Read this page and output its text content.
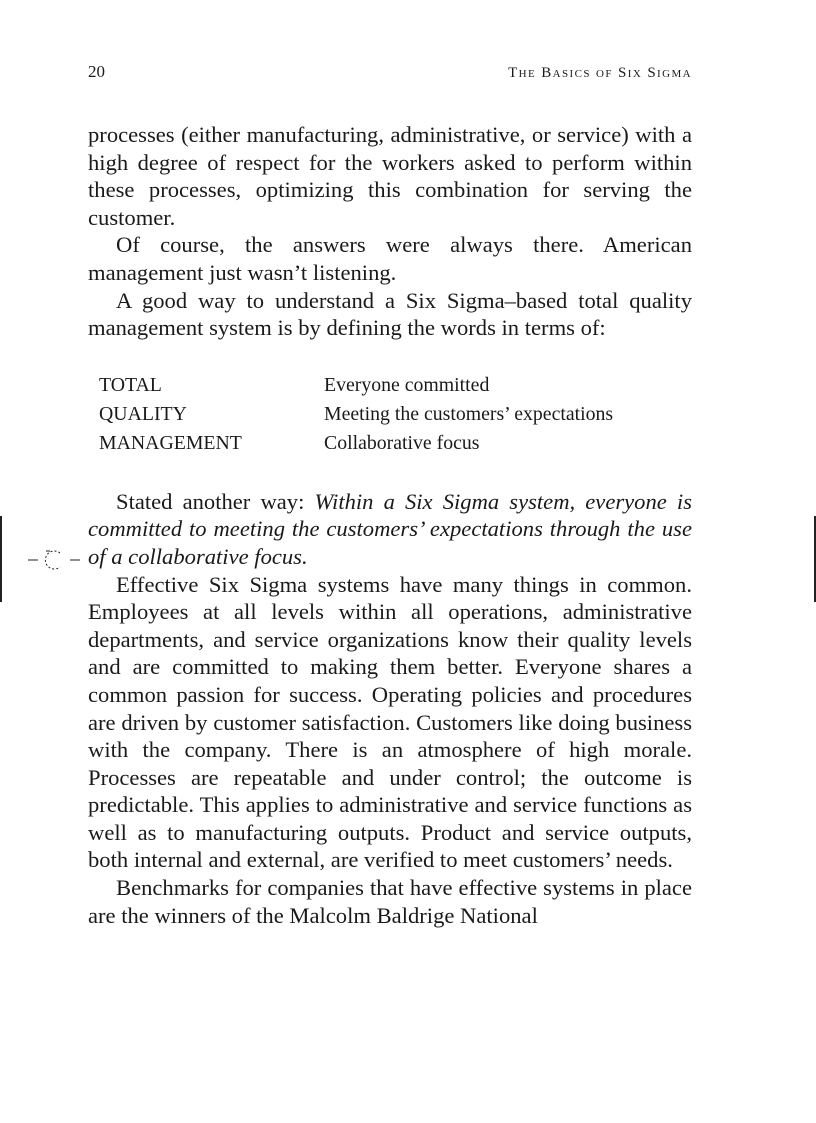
20	The Basics of Six Sigma

processes (either manufacturing, administrative, or service) with a high degree of respect for the workers asked to perform within these processes, optimizing this combination for serving the customer.

Of course, the answers were always there. American management just wasn’t listening.

A good way to understand a Six Sigma–based total quality management system is by defining the words in terms of:

TOTAL	Everyone committed
QUALITY	Meeting the customers’ expectations
MANAGEMENT	Collaborative focus

Stated another way: Within a Six Sigma system, everyone is committed to meeting the customers’ expectations through the use of a collaborative focus.

Effective Six Sigma systems have many things in common. Employees at all levels within all operations, administrative departments, and service organizations know their quality levels and are committed to making them better. Everyone shares a common passion for success. Operating policies and procedures are driven by customer satisfaction. Customers like doing business with the company. There is an atmosphere of high morale. Processes are repeatable and under control; the outcome is predictable. This applies to administrative and service functions as well as to manufacturing outputs. Product and service outputs, both internal and external, are verified to meet customers’ needs.

Benchmarks for companies that have effective systems in place are the winners of the Malcolm Baldrige National
